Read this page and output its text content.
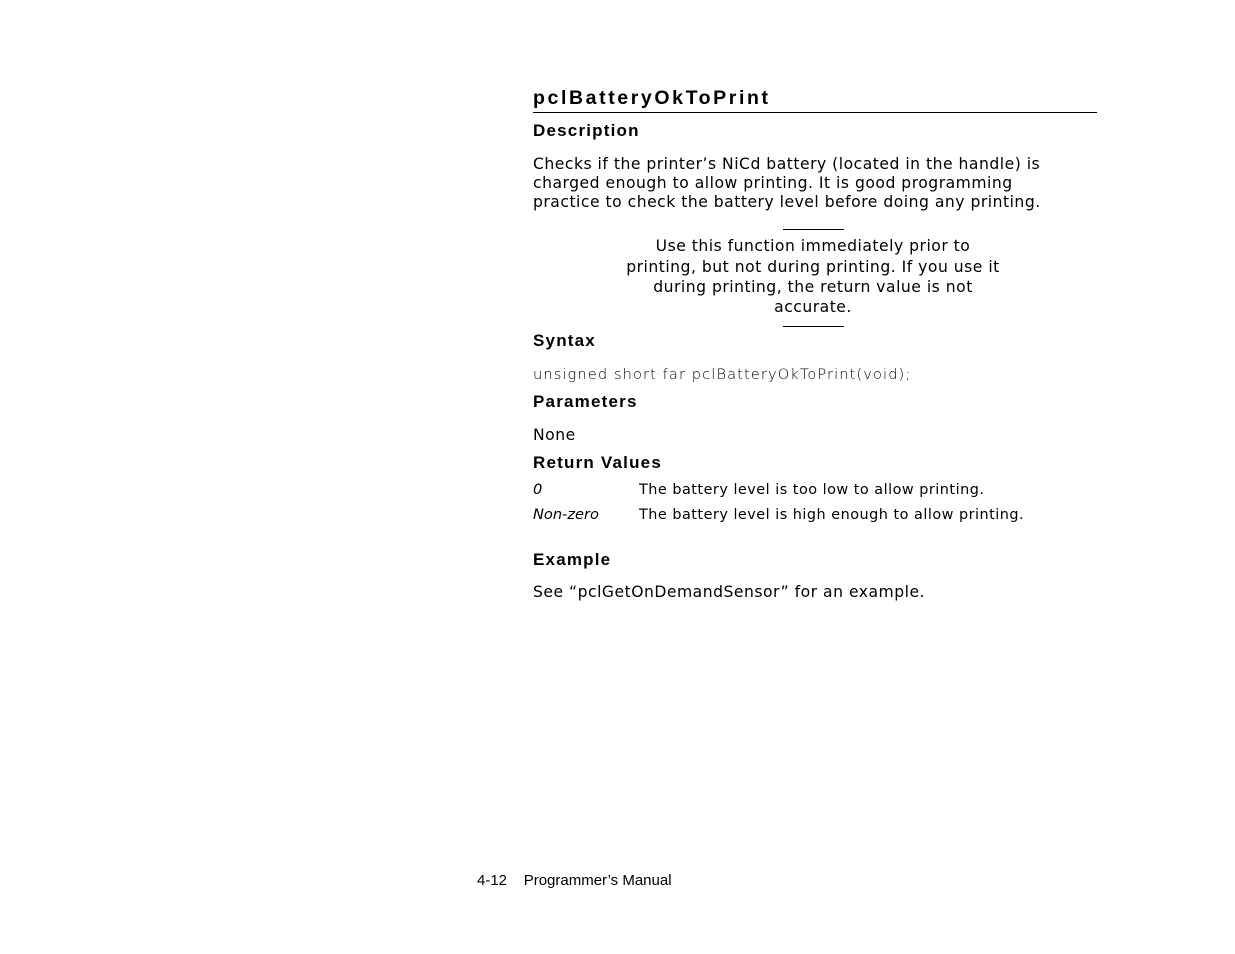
pclBatteryOkToPrint
Description
Checks if the printer’s NiCd battery (located in the handle) is
charged enough to allow printing. It is good programming
practice to check the battery level before doing any printing.
Use this function immediately prior to
printing, but not during printing. If you use it
during printing, the return value is not
accurate.
Syntax
unsigned short far pclBatteryOkToPrint(void);
Parameters
None
Return Values
0	The battery level is too low to allow printing.
Non-zero	The battery level is high enough to allow printing.
Example
See “pclGetOnDemandSensor” for an example.
4-12 Programmer’s Manual
